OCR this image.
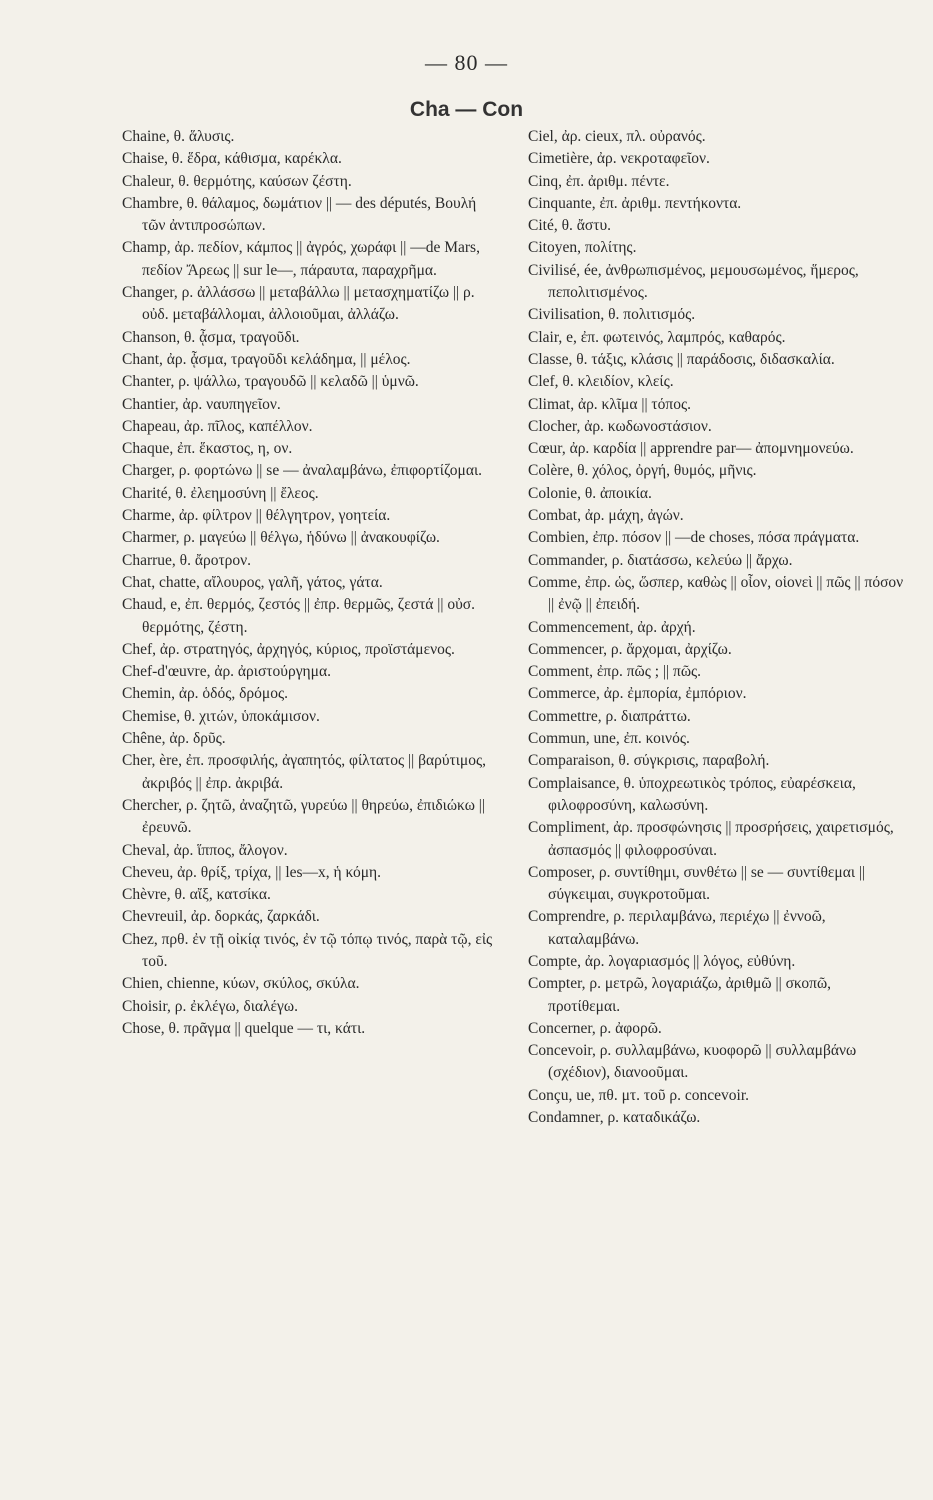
— 80 —
Cha — Con

Chaine, θ. ἅλυσις.

Chaise, θ. ἕδρα, κάθισμα, καρέκλα.

Chaleur, θ. θερμότης, καύσων ζέστη.

Chambre, θ. θάλαμος, δωμάτιον || — des députés, Βουλή τῶν ἀντιπροσώπων.

Champ, ἀρ. πεδίον, κάμπος || ἀγρός, χωράφι || —de Mars, πεδίον Ἄρεως || sur le—, πάραυτα, παραχρῆμα.

Changer, ρ. ἀλλάσσω || μεταβάλλω || μετασχηματίζω || ρ. οὐδ. μεταβάλλομαι, ἀλλοιοῦμαι, ἀλλάζω.

Chanson, θ. ᾆσμα, τραγοῦδι.

Chant, ἀρ. ᾆσμα, τραγοῦδι κελάδημα, || μέλος.

Chanter, ρ. ψάλλω, τραγουδῶ || κελαδῶ || ὑμνῶ.

Chantier, ἀρ. ναυπηγεῖον.

Chapeau, ἀρ. πῖλος, καπέλλον.

Chaque, ἐπ. ἕκαστος, η, ον.

Charger, ρ. φορτώνω || se — ἀναλαμβάνω, ἐπιφορτίζομαι.

Charité, θ. ἐλεημοσύνη || ἔλεος.

Charme, ἀρ. φίλτρον || θέλγητρον, γοητεία.

Charmer, ρ. μαγεύω || θέλγω, ἡδύνω || ἀνακουφίζω.

Charrue, θ. ἄροτρον.

Chat, chatte, αἴλουρος, γαλῆ, γάτος, γάτα.

Chaud, e, ἐπ. θερμός, ζεστός || ἐπρ. θερμῶς, ζεστά || οὐσ. θερμότης, ζέστη.

Chef, ἀρ. στρατηγός, ἀρχηγός, κύριος, προϊστάμενος.

Chef-d'œuvre, ἀρ. ἀριστούργημα.

Chemin, ἀρ. ὁδός, δρόμος.

Chemise, θ. χιτών, ὑποκάμισον.

Chêne, ἀρ. δρῦς.

Cher, ère, ἐπ. προσφιλής, ἀγαπητός, φίλτατος || βαρύτιμος, ἀκριβός || ἐπρ. ἀκριβά.

Chercher, ρ. ζητῶ, ἀναζητῶ, γυρεύω || θηρεύω, ἐπιδιώκω || ἐρευνῶ.

Cheval, ἀρ. ἵππος, ἄλογον.

Cheveu, ἀρ. θρίξ, τρίχα, || les—x, ἡ κόμη.

Chèvre, θ. αἴξ, κατσίκα.

Chevreuil, ἀρ. δορκάς, ζαρκάδι.

Chez, πρθ. ἐν τῇ οἰκίᾳ τινός, ἐν τῷ τόπῳ τινός, παρὰ τῷ, εἰς τοῦ.

Chien, chienne, κύων, σκύλος, σκύλα.

Choisir, ρ. ἐκλέγω, διαλέγω.

Chose, θ. πρᾶγμα || quelque — τι, κάτι.

Ciel, ἀρ. cieux, πλ. οὐρανός.

Cimetière, ἀρ. νεκροταφεῖον.

Cinq, ἐπ. ἀριθμ. πέντε.

Cinquante, ἐπ. ἀριθμ. πεντήκοντα.

Cité, θ. ἄστυ.

Citoyen, πολίτης.

Civilisé, ée, ἀνθρωπισμένος, μεμουσωμένος, ἥμερος, πεπολιτισμένος.

Civilisation, θ. πολιτισμός.

Clair, e, ἐπ. φωτεινός, λαμπρός, καθαρός.

Classe, θ. τάξις, κλάσις || παράδοσις, διδασκαλία.

Clef, θ. κλειδίον, κλείς.

Climat, ἀρ. κλῖμα || τόπος.

Clocher, ἀρ. κωδωνοστάσιον.

Cœur, ἀρ. καρδία || apprendre par— ἀπομνημονεύω.

Colère, θ. χόλος, ὀργή, θυμός, μῆνις.

Colonie, θ. ἀποικία.

Combat, ἀρ. μάχη, ἀγών.

Combien, ἐπρ. πόσον || —de choses, πόσα πράγματα.

Commander, ρ. διατάσσω, κελεύω || ἄρχω.

Comme, ἐπρ. ὡς, ὥσπερ, καθὼς || οἷον, οἱονεὶ || πῶς || πόσον || ἐνῷ || ἐπειδή.

Commencement, ἀρ. ἀρχή.

Commencer, ρ. ἄρχομαι, ἀρχίζω.

Comment, ἐπρ. πῶς ; || πῶς.

Commerce, ἀρ. ἐμπορία, ἐμπόριον.

Commettre, ρ. διαπράττω.

Commun, une, ἐπ. κοινός.

Comparaison, θ. σύγκρισις, παραβολή.

Complaisance, θ. ὑποχρεωτικὸς τρόπος, εὐαρέσκεια, φιλοφροσύνη, καλωσύνη.

Compliment, ἀρ. προσφώνησις || προσρήσεις, χαιρετισμός, ἀσπασμός || φιλοφροσύναι.

Composer, ρ. συντίθημι, συνθέτω || se — συντίθεμαι || σύγκειμαι, συγκροτοῦμαι.

Comprendre, ρ. περιλαμβάνω, περιέχω || ἐννοῶ, καταλαμβάνω.

Compte, ἀρ. λογαριασμός || λόγος, εὐθύνη.

Compter, ρ. μετρῶ, λογαριάζω, ἀριθμῶ || σκοπῶ, προτίθεμαι.

Concerner, ρ. ἀφορῶ.

Concevoir, ρ. συλλαμβάνω, κυοφορῶ || συλλαμβάνω (σχέδιον), διανοοῦμαι.

Conçu, ue, πθ. μτ. τοῦ ρ. concevoir.

Condamner, ρ. καταδικάζω.
